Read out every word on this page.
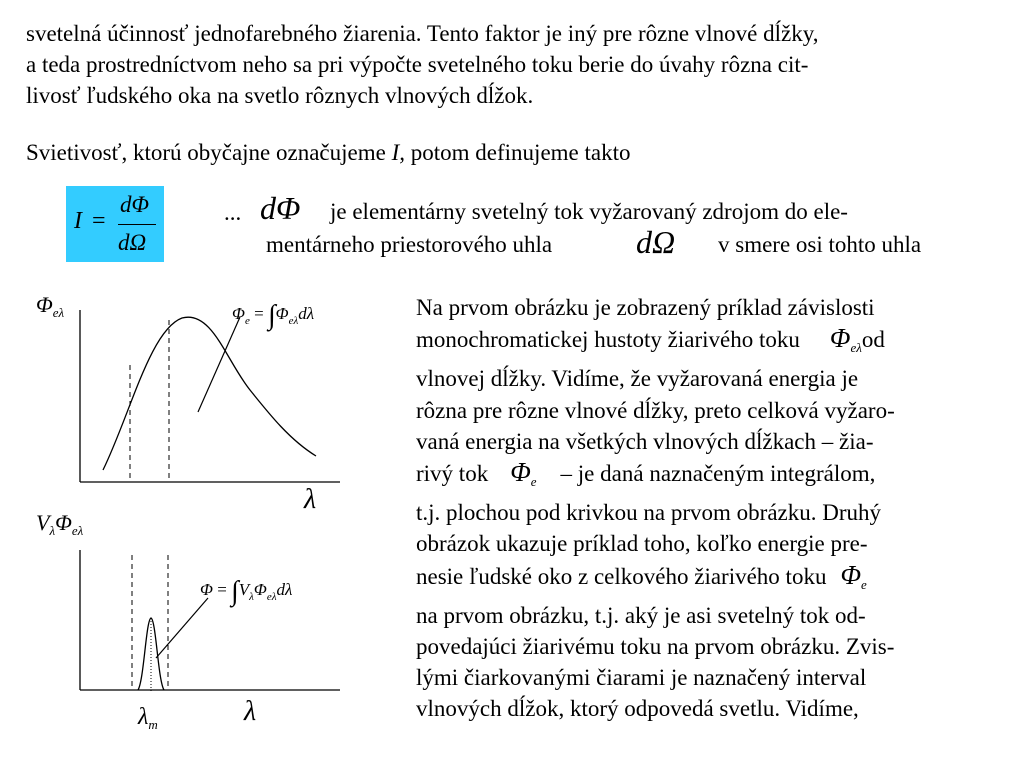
svetelná účinnosť jednofarebného žiarenia. Tento faktor je iný pre rôzne vlnové dĺžky,
a teda prostredníctvom neho sa pri výpočte svetelného toku berie do úvahy rôzna cit-
livosť ľudského oka na svetlo rôznych vlnových dĺžok.

Svietivosť, ktorú obyčajne označujeme I, potom definujeme takto

I =
dΦ
dΩ
... dΦ je elementárny svetelný tok vyžarovaný zdrojom do ele-
mentárneho priestorového uhla	dΩ v smere osi tohto uhla
$\Phi_{e\lambda}$
λ
$\Phi_e = \int\Phi_{e\lambda}d\lambda$
$V_\lambda\Phi_{e\lambda}$
λ
$\lambda_m$
$\Phi = \int V_\lambda\Phi_{e\lambda}d\lambda$
Na prvom obrázku je zobrazený príklad závislosti
monochromatickej hustoty žiarivého toku $\Phi_{e\lambda}od$
vlnovej dĺžky. Vidíme, že vyžarovaná energia je
rôzna pre rôzne vlnové dĺžky, preto celková vyžaro-
vaná energia na všetkých vlnových dĺžkach – žia-
rivý tok $\Phi_e$ – je daná naznačeným integrálom,
t.j. plochou pod krivkou na prvom obrázku. Druhý
obrázok ukazuje príklad toho, koľko energie pre-
nesie ľudské oko z celkového žiarivého toku $\Phi_e$
na prvom obrázku, t.j. aký je asi svetelný tok od-
povedajúci žiarivému toku na prvom obrázku. Zvis-
lými čiarkovanými čiarami je naznačený interval
vlnových dĺžok, ktorý odpovedá svetlu. Vidíme,
